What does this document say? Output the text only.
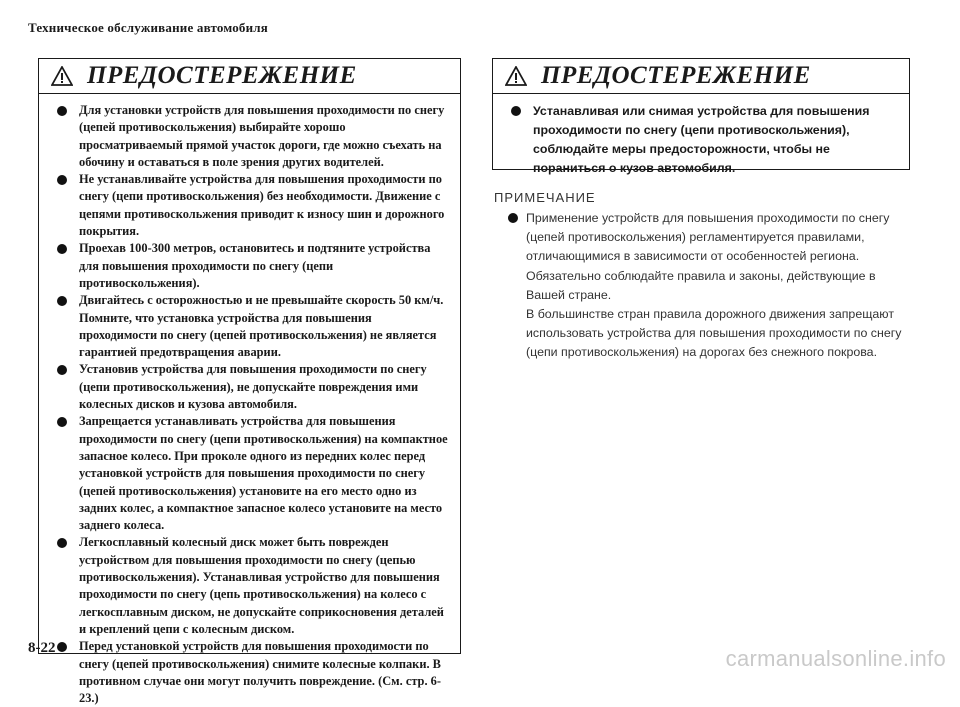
Техническое обслуживание автомобиля
ПРЕДОСТЕРЕЖЕНИЕ
Для установки устройств для повышения проходимости по снегу (цепей противоскольжения) выбирайте хорошо просматриваемый прямой участок дороги, где можно съехать на обочину и оставаться в поле зрения других водителей.
Не устанавливайте устройства для повышения проходимости по снегу (цепи противоскольжения) без необходимости. Движение с цепями противоскольжения приводит к износу шин и дорожного покрытия.
Проехав 100-300 метров, остановитесь и подтяните устройства для повышения проходимости по снегу (цепи противоскольжения).
Двигайтесь с осторожностью и не превышайте скорость 50 км/ч. Помните, что установка устройства для повышения проходимости по снегу (цепей противоскольжения) не является гарантией предотвращения аварии.
Установив устройства для повышения проходимости по снегу (цепи противоскольжения), не допускайте повреждения ими колесных дисков и кузова автомобиля.
Запрещается устанавливать устройства для повышения проходимости по снегу (цепи противоскольжения) на компактное запасное колесо. При проколе одного из передних колес перед установкой устройств для повышения проходимости по снегу (цепей противоскольжения) установите на его место одно из задних колес, а компактное запасное колесо установите на место заднего колеса.
Легкосплавный колесный диск может быть поврежден устройством для повышения проходимости по снегу (цепью противоскольжения). Устанавливая устройство для повышения проходимости по снегу (цепь противоскольжения) на колесо с легкосплавным диском, не допускайте соприкосновения деталей и креплений цепи с колесным диском.
Перед установкой устройств для повышения проходимости по снегу (цепей противоскольжения) снимите колесные колпаки. В противном случае они могут получить повреждение. (См. стр. 6-23.)
ПРЕДОСТЕРЕЖЕНИЕ
Устанавливая или снимая устройства для повышения проходимости по снегу (цепи противоскольжения), соблюдайте меры предосторожности, чтобы не пораниться о кузов автомобиля.
ПРИМЕЧАНИЕ
Применение устройств для повышения проходимости по снегу (цепей противоскольжения) регламентируется правилами, отличающимися в зависимости от особенностей региона. Обязательно соблюдайте правила и законы, действующие в Вашей стране.
В большинстве стран правила дорожного движения запрещают использовать устройства для повышения проходимости по снегу (цепи противоскольжения) на дорогах без снежного покрова.
8-22	carmanualsonline.info
